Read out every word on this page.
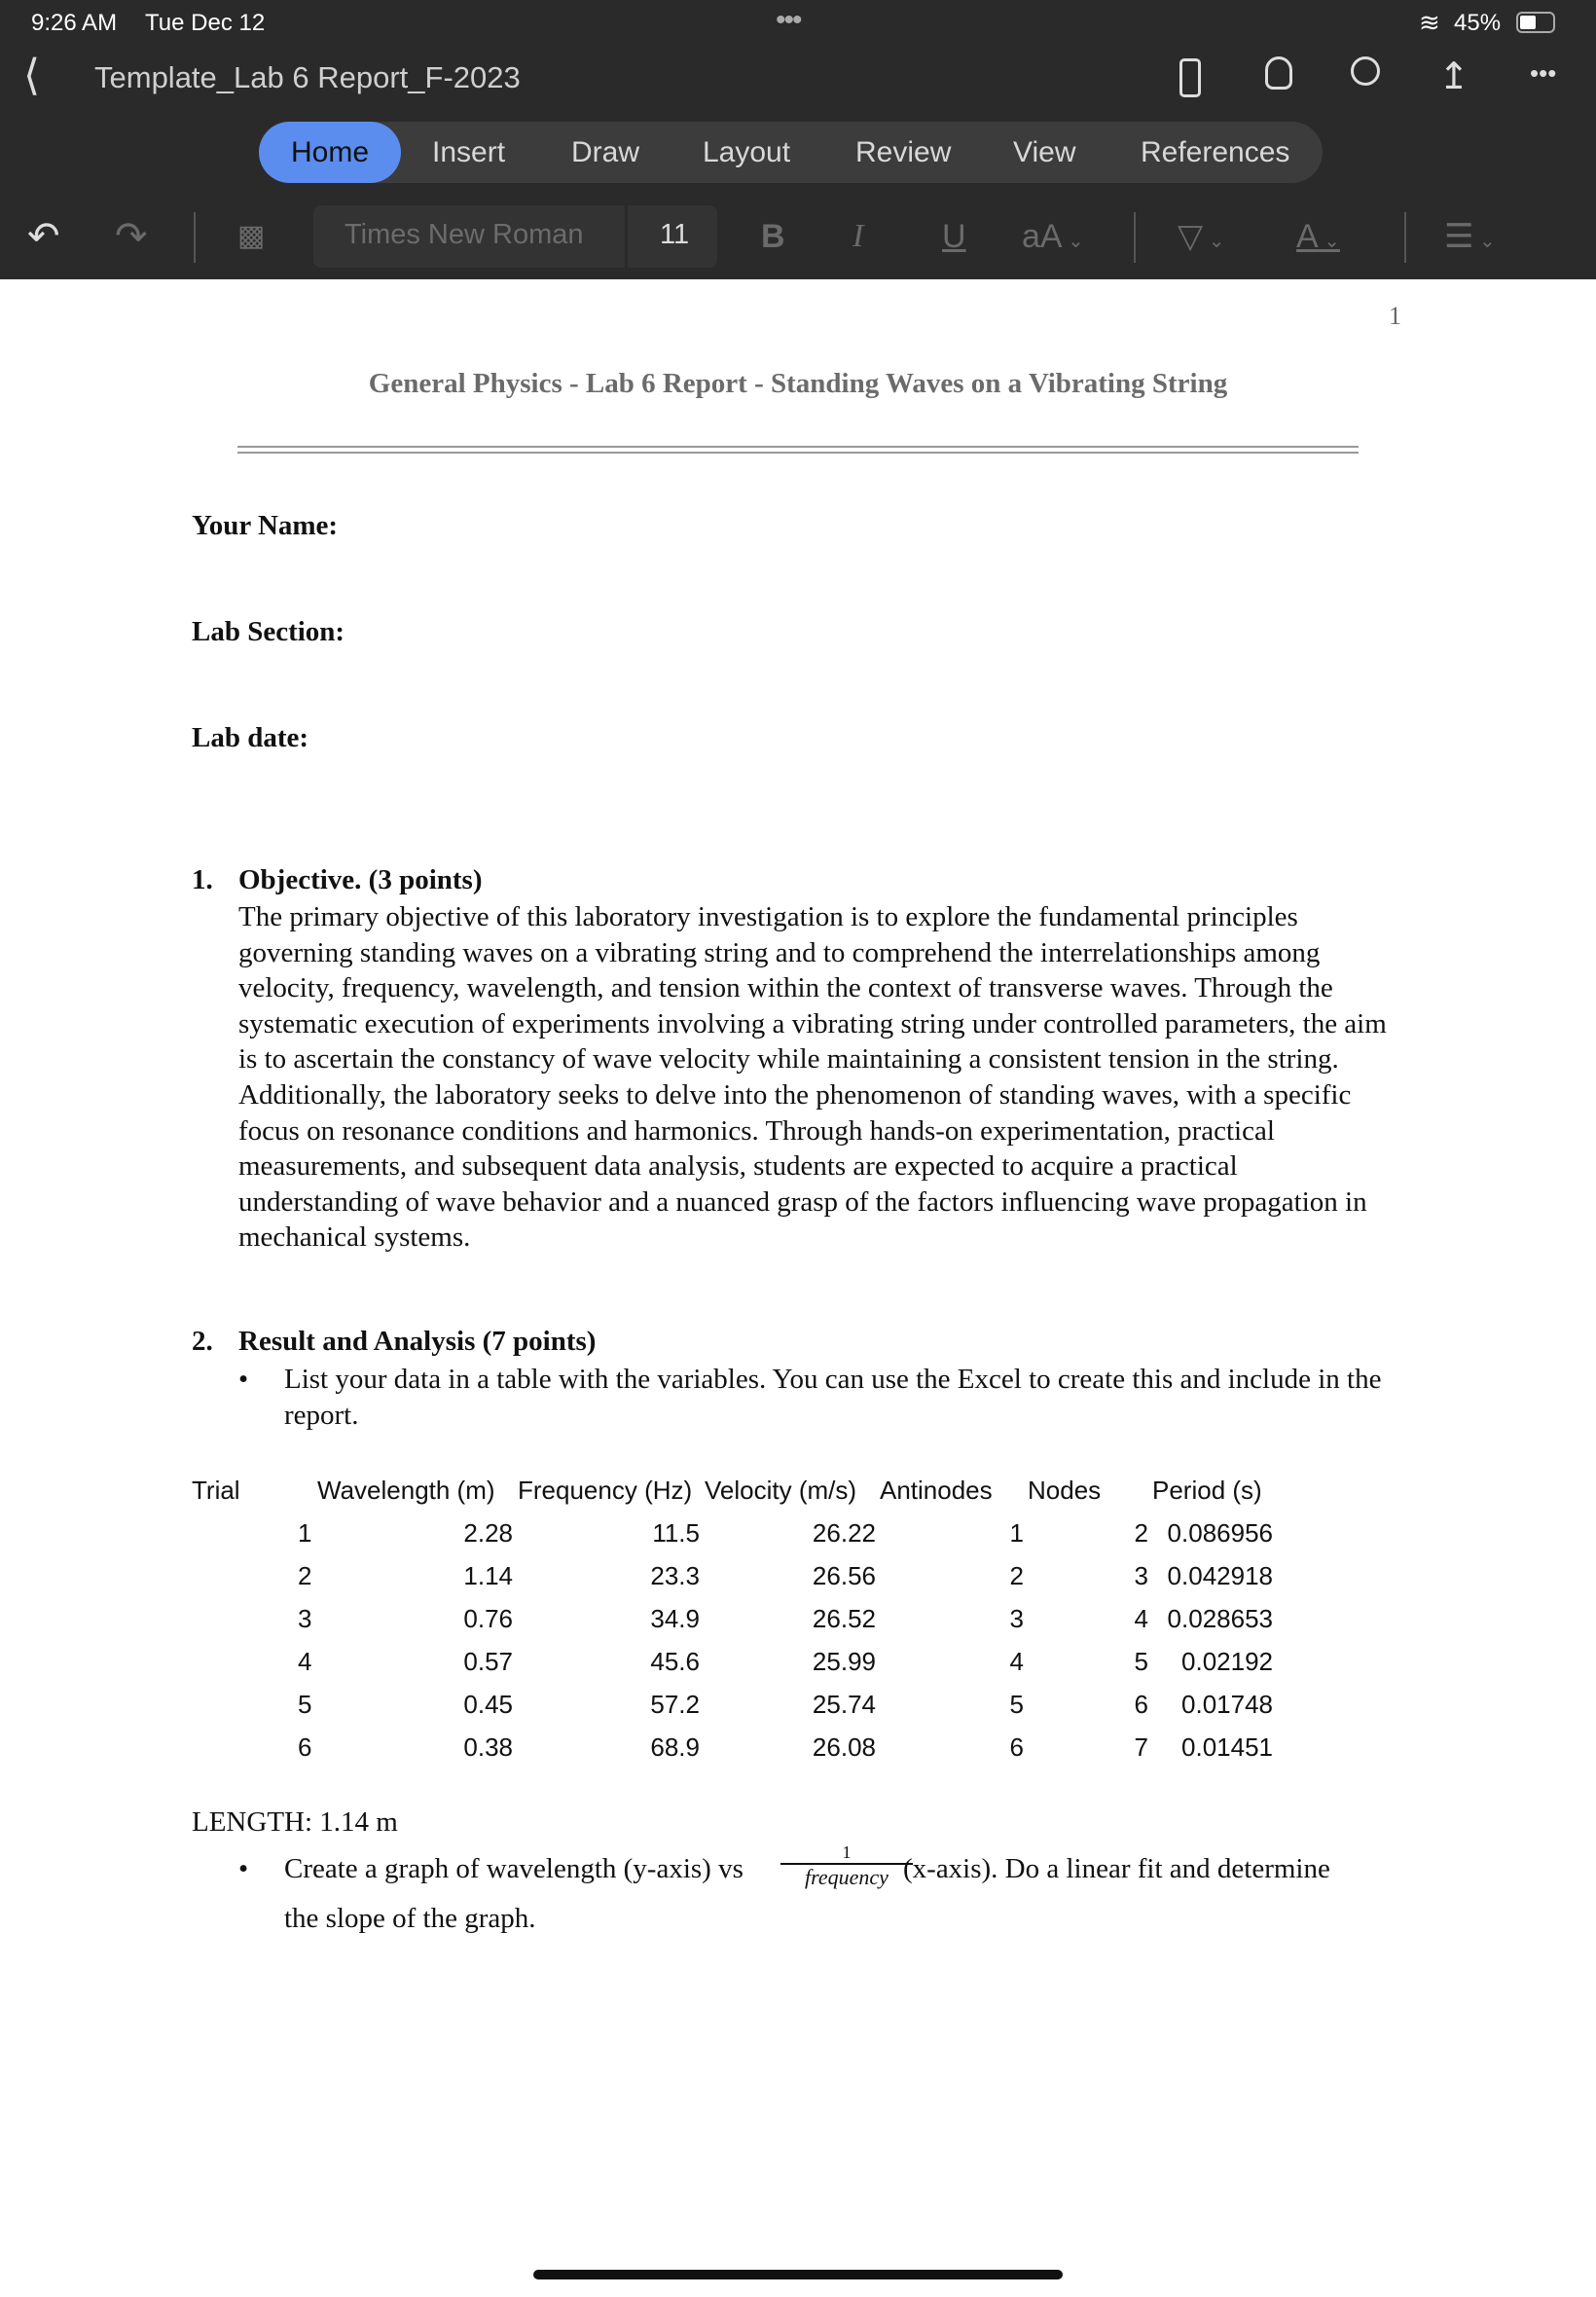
9:26 AM Tue Dec 12	•••	≋ 45%
⟨ Template_Lab 6 Report_F-2023	↥ •••
Home	Insert Draw Layout Review View References
↶ ↷	▩	Times New Roman	11 B I U aA ⌄	▽ ⌄ A ⌄	☰ ⌄
1
General Physics - Lab 6 Report - Standing Waves on a Vibrating String
Your Name:
Lab Section:
Lab date:
1. Objective. (3 points)
The primary objective of this laboratory investigation is to explore the fundamental principles
governing standing waves on a vibrating string and to comprehend the interrelationships among
velocity, frequency, wavelength, and tension within the context of transverse waves. Through the
systematic execution of experiments involving a vibrating string under controlled parameters, the aim
is to ascertain the constancy of wave velocity while maintaining a consistent tension in the string.
Additionally, the laboratory seeks to delve into the phenomenon of standing waves, with a specific
focus on resonance conditions and harmonics. Through hands-on experimentation, practical
measurements, and subsequent data analysis, students are expected to acquire a practical
understanding of wave behavior and a nuanced grasp of the factors influencing wave propagation in
mechanical systems.
2. Result and Analysis (7 points)
• List your data in a table with the variables. You can use the Excel to create this and include in the
report.
Trial	Wavelength (m) Frequency (Hz) Velocity (m/s) Antinodes Nodes Period (s)
1	2.28	11.5	26.22	1	2 0.086956
2	1.14	23.3	26.56	2	3 0.042918
3	0.76	34.9	26.52	3	4 0.028653
4	0.57	45.6	25.99	4	5 0.02192
5	0.45	57.2	25.74	5	6 0.01748
6	0.38	68.9	26.08	6	7 0.01451
LENGTH: 1.14 m
• Create a graph of wavelength (y-axis) vs
1
frequency (x-axis). Do a linear fit and determine
the slope of the graph.
